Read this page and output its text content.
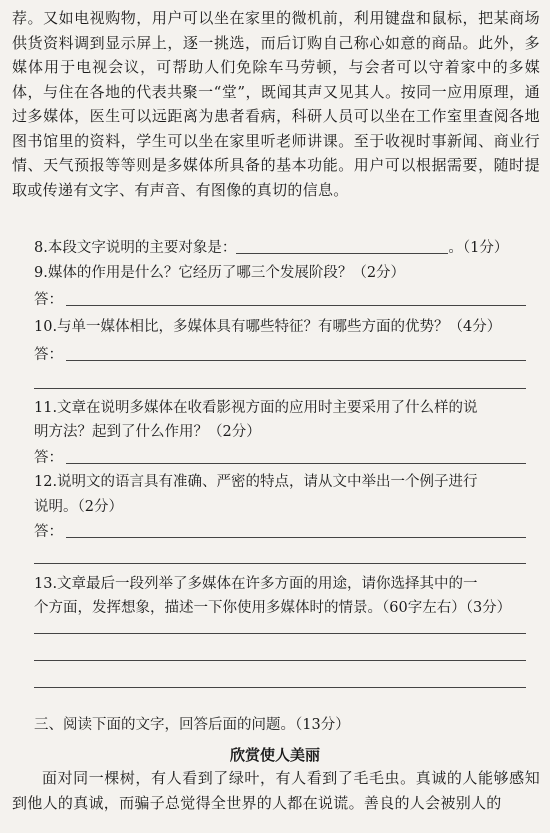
荐。又如电视购物，用户可以坐在家里的微机前，利用键盘和鼠标，把某商场供货资料调到显示屏上，逐一挑选，而后订购自己称心如意的商品。此外，多媒体用于电视会议，可帮助人们免除车马劳顿，与会者可以守着家中的多媒体，与住在各地的代表共聚一“堂”，既闻其声又见其人。按同一应用原理，通过多媒体，医生可以远距离为患者看病，科研人员可以坐在工作室里查阅各地图书馆里的资料，学生可以坐在家里听老师讲课。至于收视时事新闻、商业行情、天气预报等等则是多媒体所具备的基本功能。用户可以根据需要，随时提取或传递有文字、有声音、有图像的真切的信息。
8.本段文字说明的主要对象是：	。（1分）
9.媒体的作用是什么？它经历了哪三个发展阶段？（2分）
答：
10.与单一媒体相比，多媒体具有哪些特征？有哪些方面的优势？（4分）
答：
11.文章在说明多媒体在收看影视方面的应用时主要采用了什么样的说
明方法？起到了什么作用？（2分）
答：
12.说明文的语言具有准确、严密的特点，请从文中举出一个例子进行
说明。（2分）
答：
13.文章最后一段列举了多媒体在许多方面的用途，请你选择其中的一
个方面，发挥想象，描述一下你使用多媒体时的情景。（60字左右）（3分）
三、阅读下面的文字，回答后面的问题。（13分）
欣赏使人美丽
面对同一棵树，有人看到了绿叶，有人看到了毛毛虫。真诚的人能够感知到他人的真诚，而骗子总觉得全世界的人都在说谎。善良的人会被别人的
